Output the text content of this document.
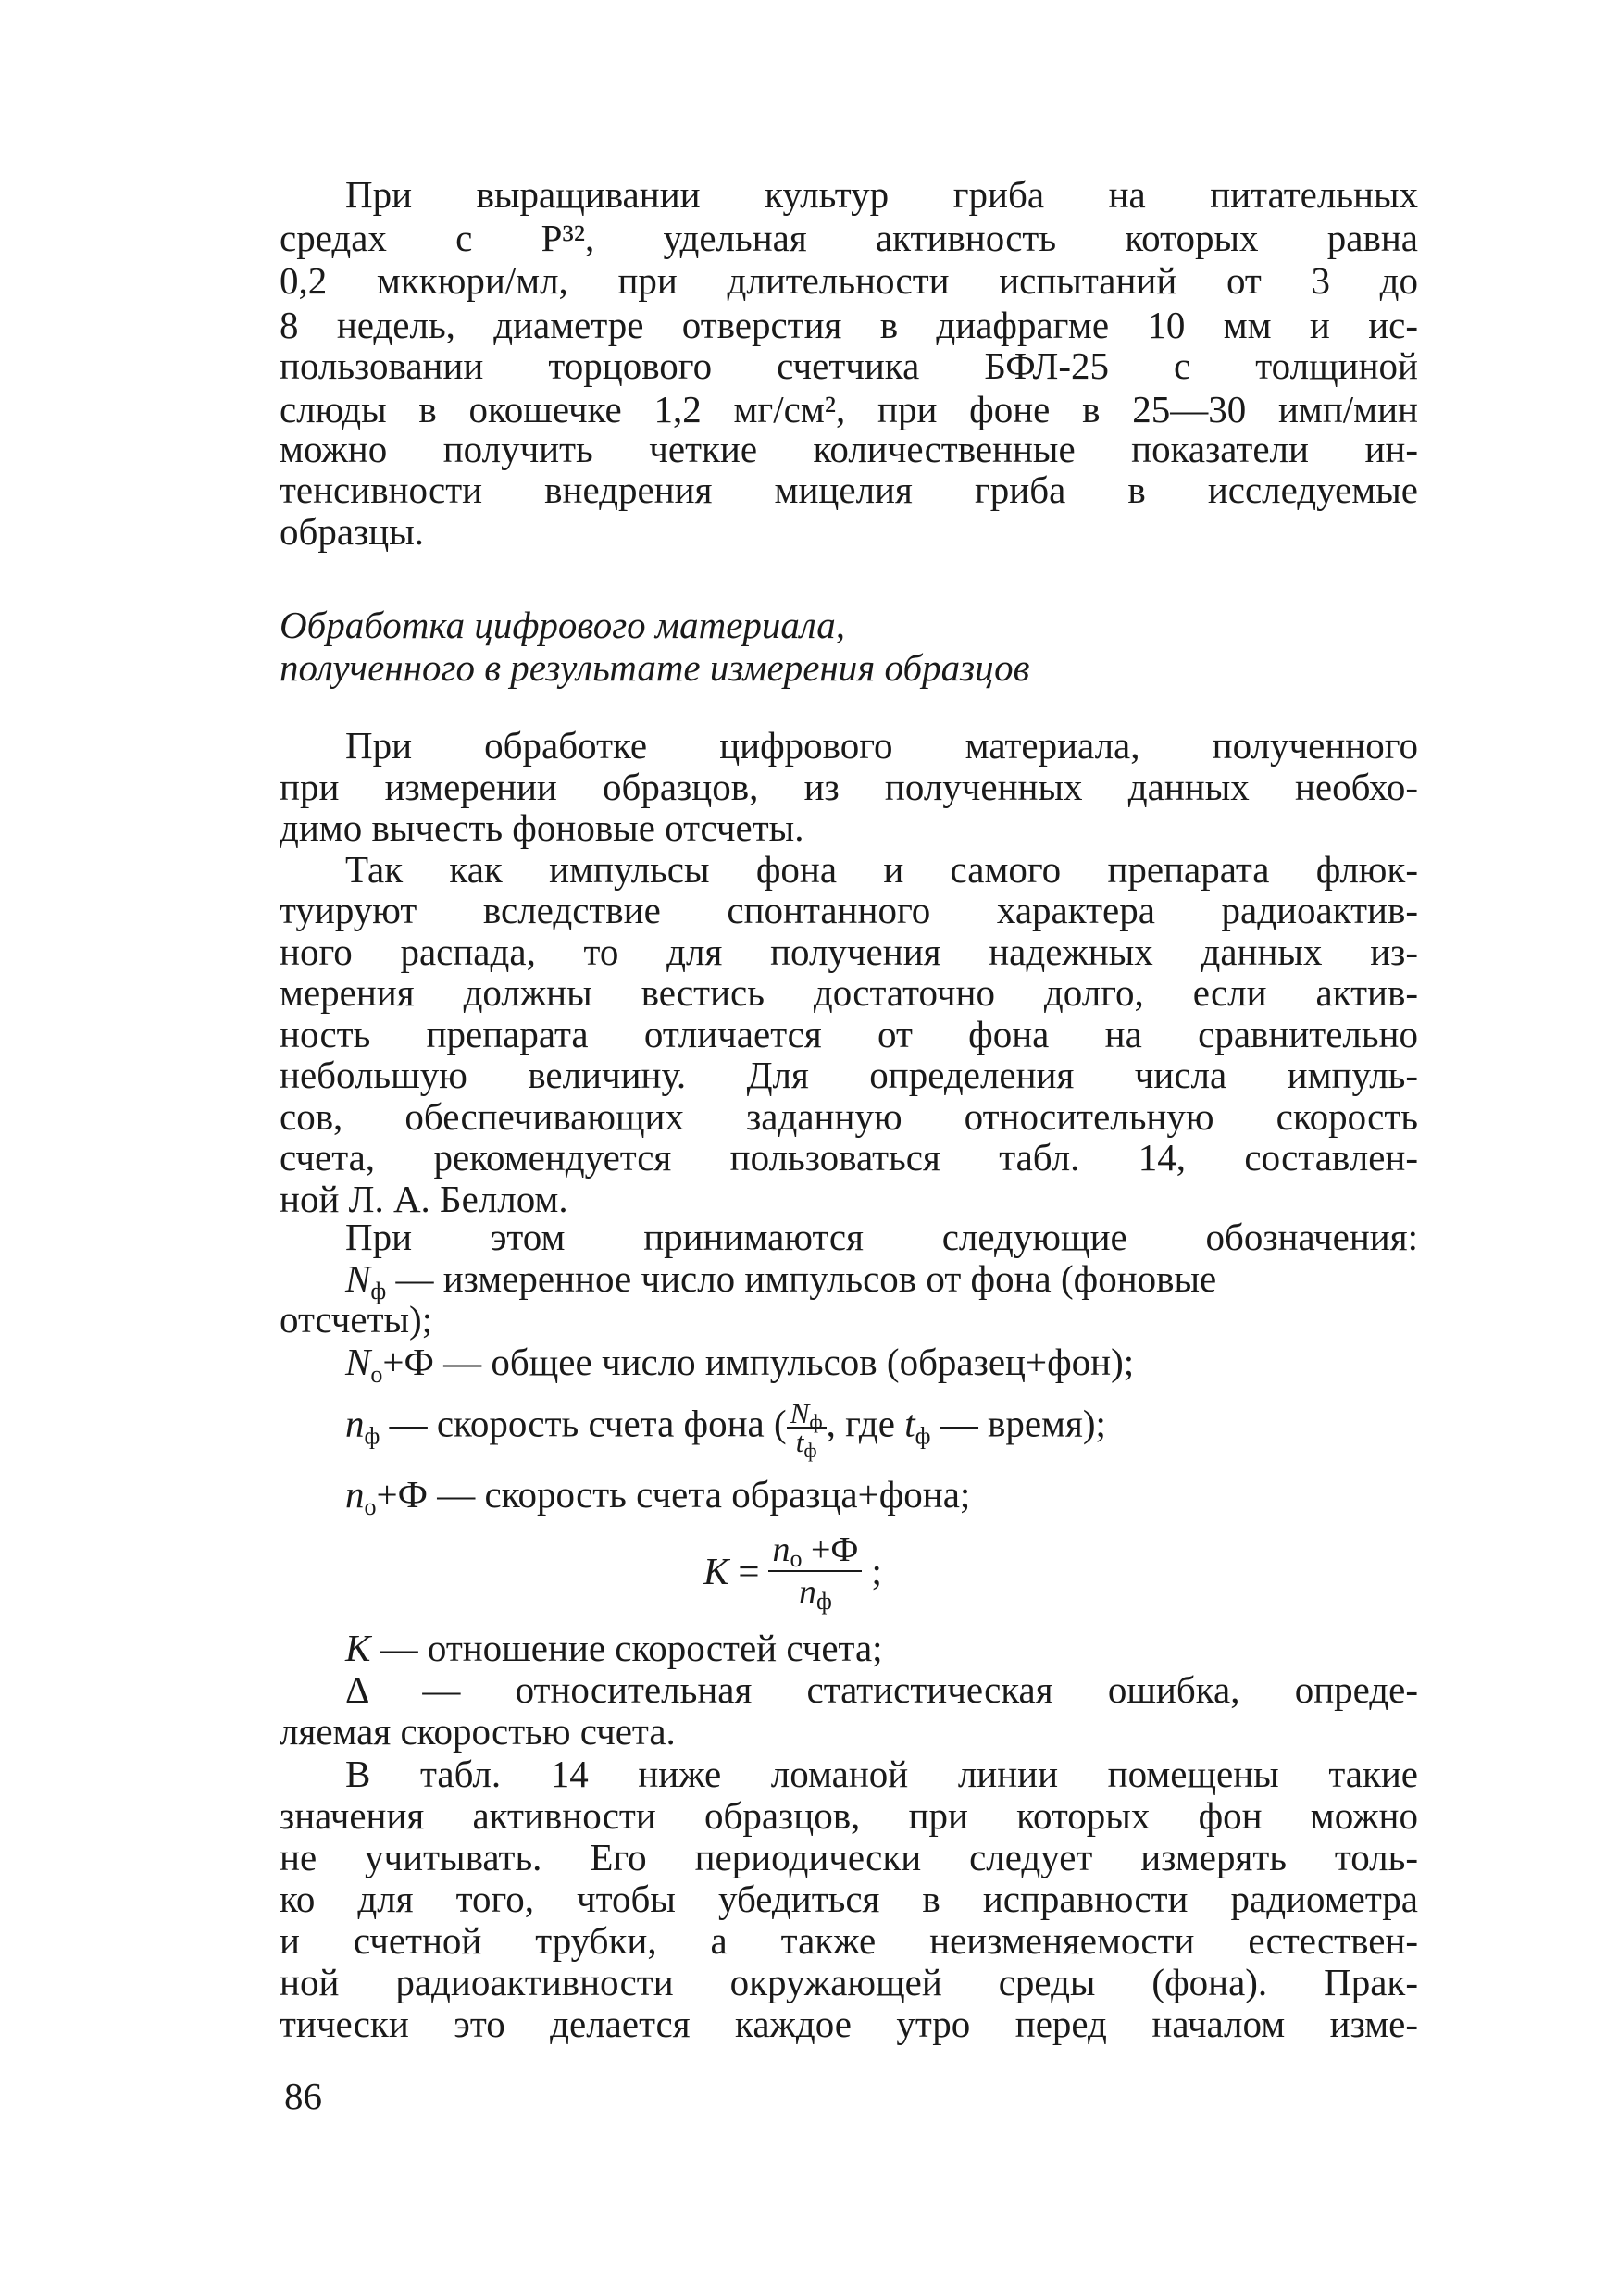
При выращивании культур гриба на питательных
средах с Р³², удельная активность которых равна
0,2 мккюри/мл, при длительности испытаний от 3 до
8 недель, диаметре отверстия в диафрагме 10 мм и ис-
пользовании торцового счетчика БФЛ-25 с толщиной
слюды в окошечке 1,2 мг/см², при фоне в 25—30 имп/мин
можно получить четкие количественные показатели ин-
тенсивности внедрения мицелия гриба в исследуемые
образцы.
Обработка цифрового материала,
полученного в результате измерения образцов
При обработке цифрового материала, полученного
при измерении образцов, из полученных данных необхо-
димо вычесть фоновые отсчеты.
Так как импульсы фона и самого препарата флюк-
туируют вследствие спонтанного характера радиоактив-
ного распада, то для получения надежных данных из-
мерения должны вестись достаточно долго, если актив-
ность препарата отличается от фона на сравнительно
небольшую величину. Для определения числа импуль-
сов, обеспечивающих заданную относительную скорость
счета, рекомендуется пользоваться табл. 14, составлен-
ной Л. А. Беллом.
При этом принимаются следующие обозначения:
$N_ф$ — измеренное число импульсов от фона (фоновые
отсчеты);
$N_о+Ф$ — общее число импульсов (образец+фон);
$n_ф$ — скорость счета фона ( $\frac{N_ф}{t_ф}$ , где $t_ф$ — время);
$n_о+Ф$ — скорость счета образца+фона;
$K = \frac{n_о +Ф}{n_ф}$ ;
K — отношение скоростей счета;
Δ — относительная статистическая ошибка, опреде-
ляемая скоростью счета.
В табл. 14 ниже ломаной линии помещены такие
значения активности образцов, при которых фон можно
не учитывать. Его периодически следует измерять толь-
ко для того, чтобы убедиться в исправности радиометра
и счетной трубки, а также неизменяемости естествен-
ной радиоактивности окружающей среды (фона). Прак-
тически это делается каждое утро перед началом изме-
86
